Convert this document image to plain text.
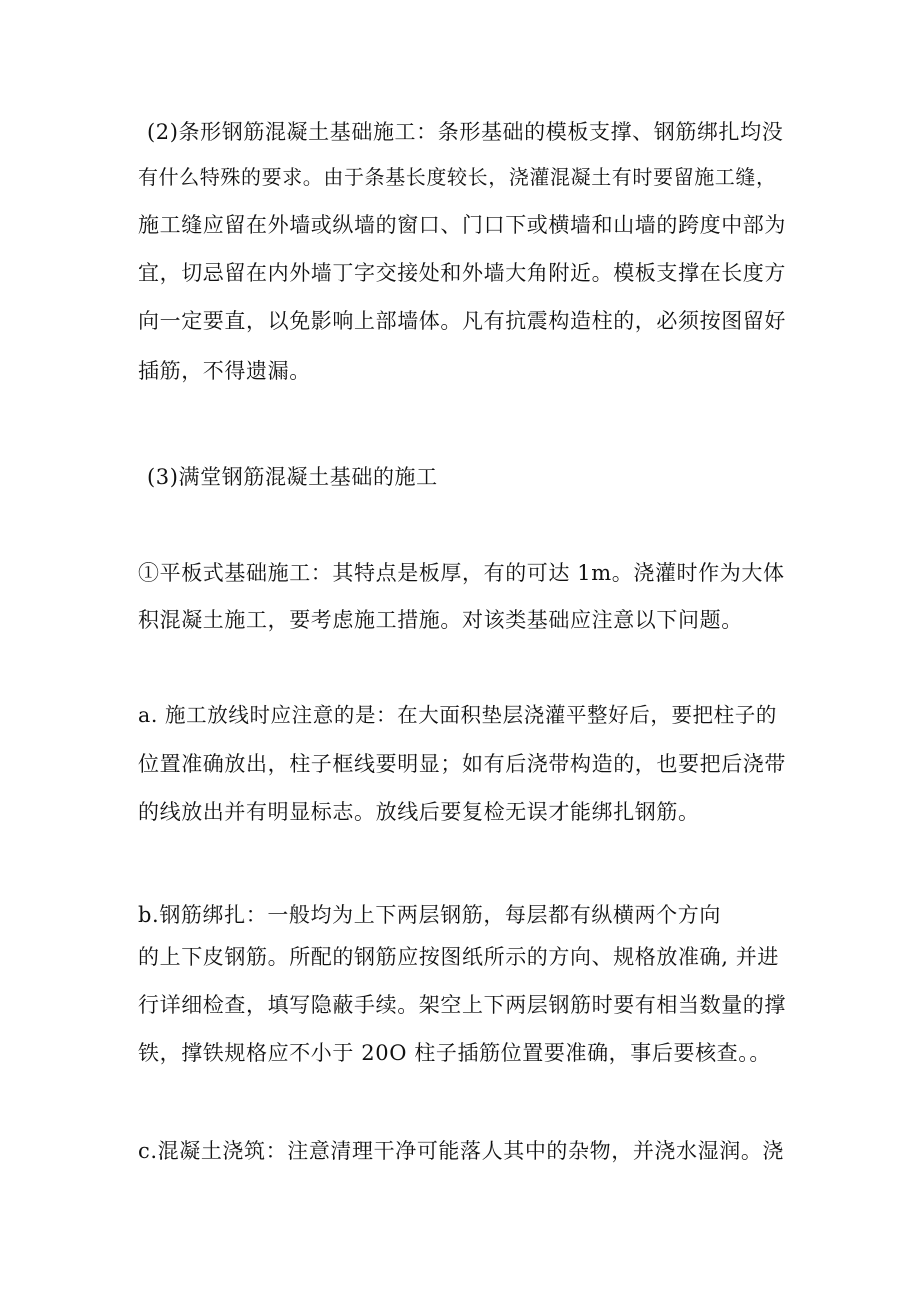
(2)条形钢筋混凝土基础施工：条形基础的模板支撑、钢筋绑扎均没
有什么特殊的要求。由于条基长度较长，浇灌混凝土有时要留施工缝，
施工缝应留在外墙或纵墙的窗口、门口下或横墙和山墙的跨度中部为
宜，切忌留在内外墙丁字交接处和外墙大角附近。模板支撑在长度方
向一定要直，以免影响上部墙体。凡有抗震构造柱的，必须按图留好
插筋，不得遗漏。
(3)满堂钢筋混凝土基础的施工
①平板式基础施工：其特点是板厚，有的可达 1m。浇灌时作为大体
积混凝土施工，要考虑施工措施。对该类基础应注意以下问题。
a. 施工放线时应注意的是：在大面积垫层浇灌平整好后，要把柱子的
位置准确放出，柱子框线要明显；如有后浇带构造的，也要把后浇带
的线放出并有明显标志。放线后要复检无误才能绑扎钢筋。
b.钢筋绑扎：一般均为上下两层钢筋，每层都有纵横两个方向
的上下皮钢筋。所配的钢筋应按图纸所示的方向、规格放准确, 并进
行详细检查，填写隐蔽手续。架空上下两层钢筋时要有相当数量的撑
铁，撑铁规格应不小于 20O 柱子插筋位置要准确，事后要核查。。
c.混凝土浇筑：注意清理干净可能落人其中的杂物，并浇水湿润。浇
